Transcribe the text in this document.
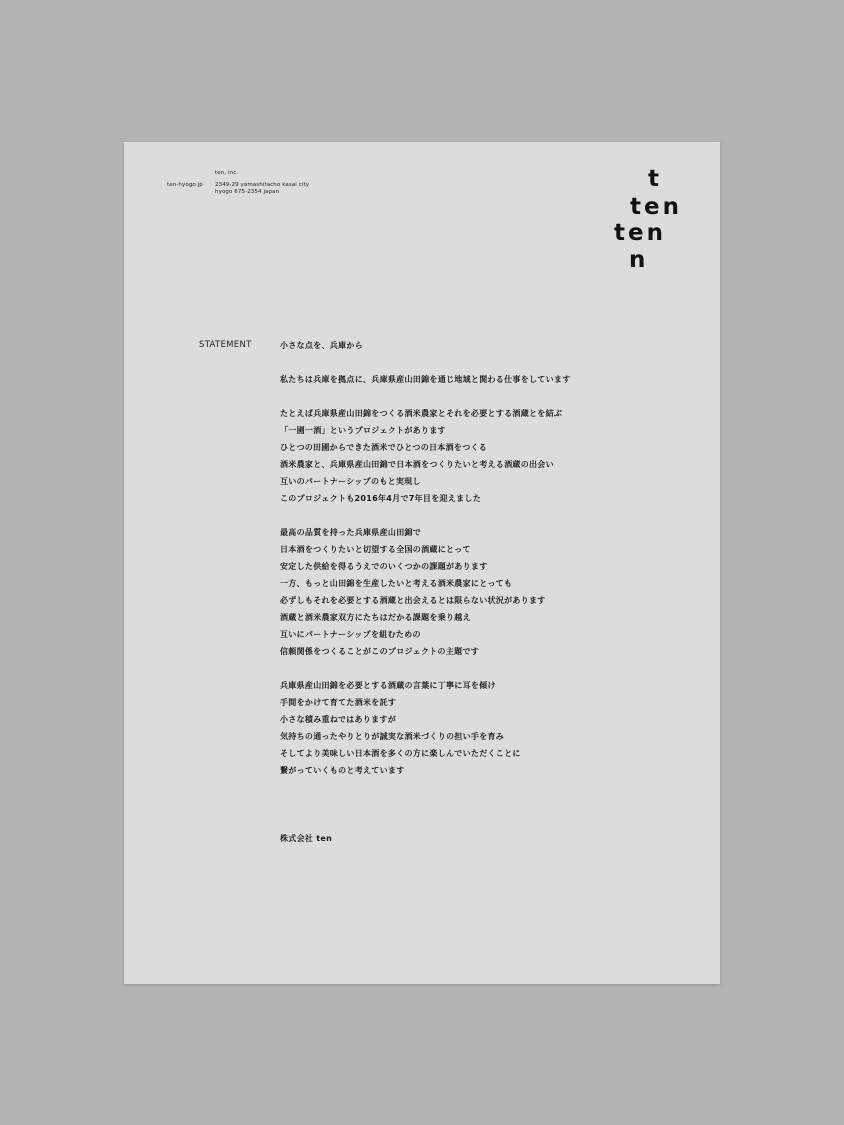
ten-hyogo.jp
ten, inc.
2349-29 yamashitacho kasai city
hyogo 675-2354 japan	t
ten
ten
n
STATEMENT	小さな点を、兵庫から
私たちは兵庫を拠点に、兵庫県産山田錦を通じ地域と関わる仕事をしています
たとえば兵庫県産山田錦をつくる酒米農家とそれを必要とする酒蔵とを結ぶ
「一圃一酒」というプロジェクトがあります
ひとつの田圃からできた酒米でひとつの日本酒をつくる
酒米農家と、兵庫県産山田錦で日本酒をつくりたいと考える酒蔵の出会い
互いのパートナーシップのもと実現し
このプロジェクトも2016年4月で7年目を迎えました
最高の品質を持った兵庫県産山田錦で
日本酒をつくりたいと切望する全国の酒蔵にとって
安定した供給を得るうえでのいくつかの課題があります
一方、もっと山田錦を生産したいと考える酒米農家にとっても
必ずしもそれを必要とする酒蔵と出会えるとは限らない状況があります
酒蔵と酒米農家双方にたちはだかる課題を乗り越え
互いにパートナーシップを組むための
信頼関係をつくることがこのプロジェクトの主題です
兵庫県産山田錦を必要とする酒蔵の言葉に丁寧に耳を傾け
手間をかけて育てた酒米を託す
小さな積み重ねではありますが
気持ちの通ったやりとりが誠実な酒米づくりの担い手を育み
そしてより美味しい日本酒を多くの方に楽しんでいただくことに
繋がっていくものと考えています
株式会社 ten
